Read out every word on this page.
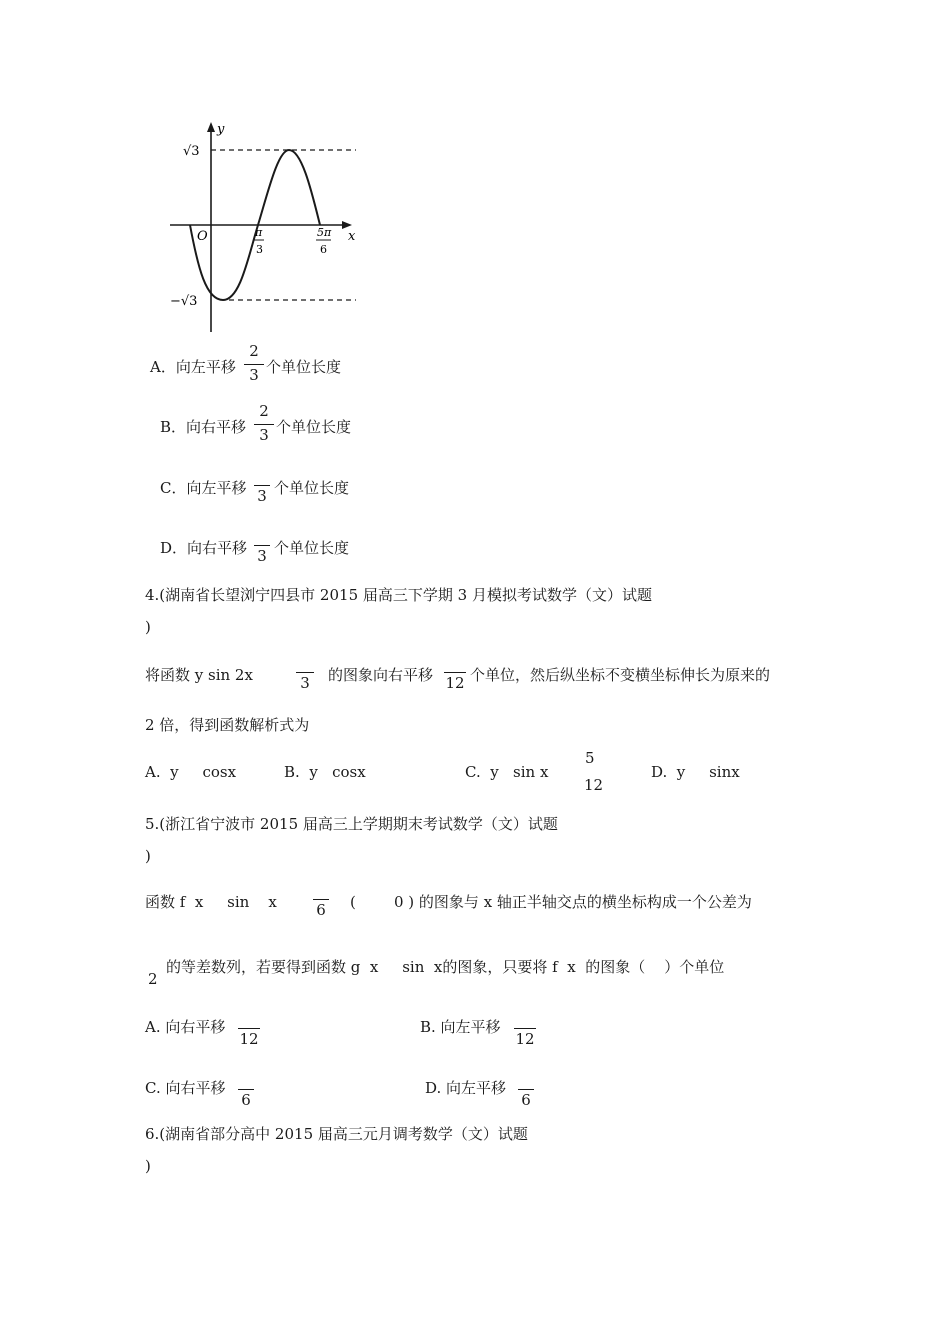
y
x
O
√3
−√3
π
3
5π
6
A．向左平移
2
3 个单位长度
B．向右平移
2
3 个单位长度
C．向左平移 3 个单位长度
D．向右平移 3 个单位长度
4.(湖南省长望浏宁四县市 2015 届高三下学期 3 月模拟考试数学（文）试题
)
将函数 y sin 2x	3 的图象向右平移 12 个单位，然后纵坐标不变横坐标伸长为原来的
2 倍，得到函数解析式为
A.  y     cosx	B.  y   cosx	C.  y   sin x
5
12
D.  y     sinx
5.(浙江省宁波市 2015 届高三上学期期末考试数学（文）试题
)
函数 f  x     sin    x	6 (        0 ) 的图象与 x 轴正半轴交点的横坐标构成一个公差为
2
的等差数列，若要得到函数 g  x     sin  x的图象，只要将 f  x  的图象（    ）个单位
A. 向右平移
12
B. 向左平移
12
C. 向右平移
6
D. 向左平移
6
6.(湖南省部分高中 2015 届高三元月调考数学（文）试题
)
